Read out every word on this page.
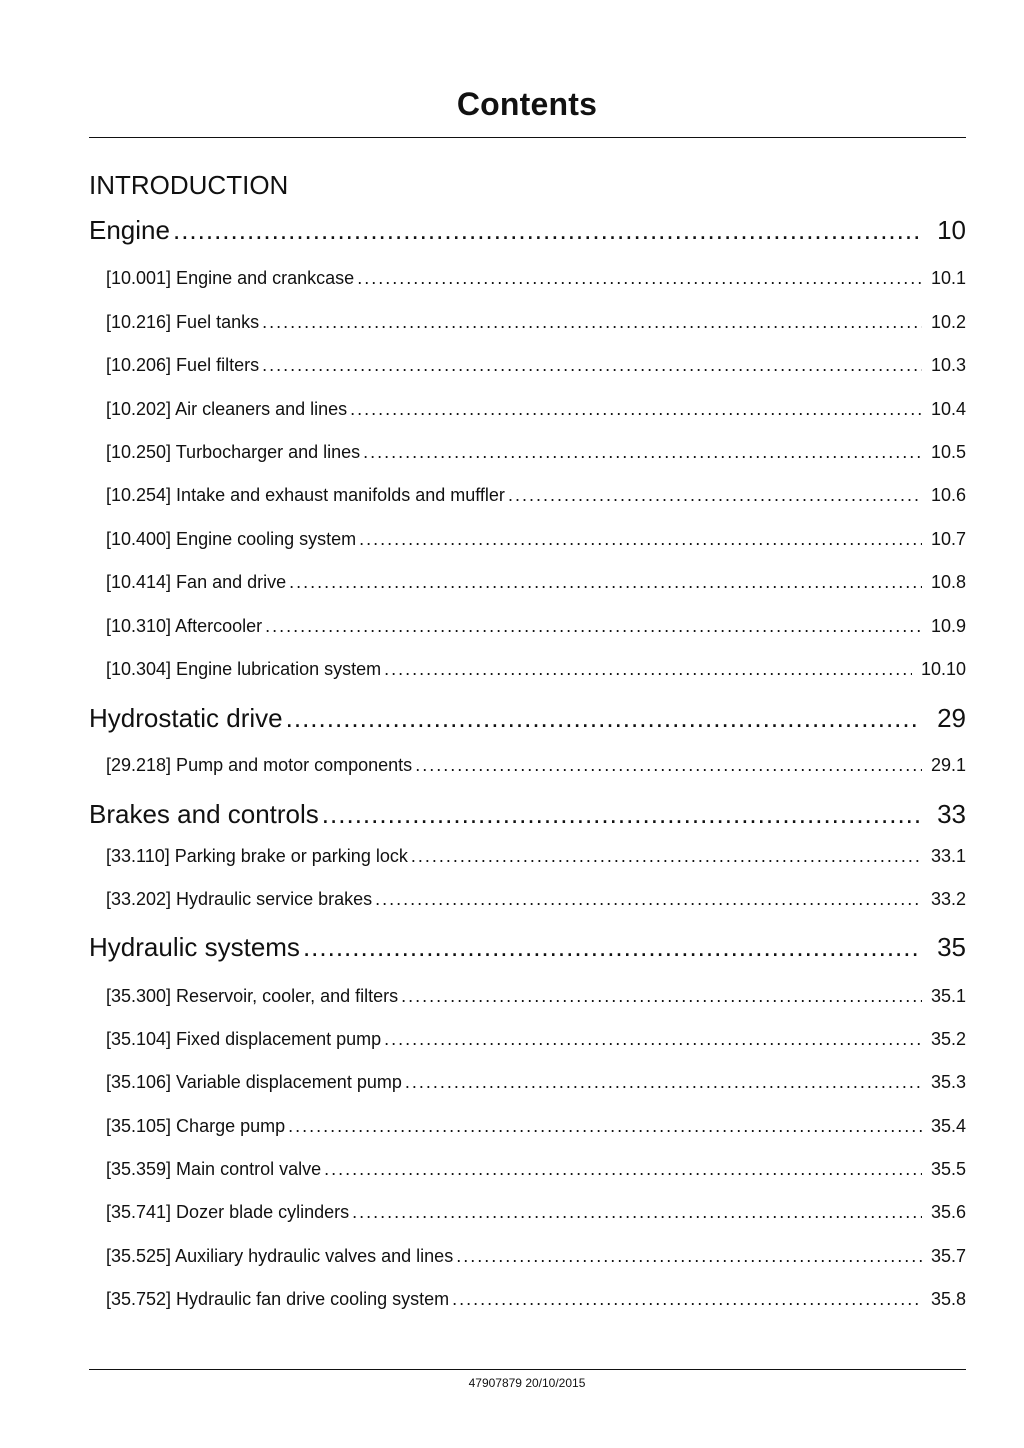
Contents
INTRODUCTION
Engine .....	10
[10.001] Engine and crankcase .....	10.1
[10.216] Fuel tanks .....	10.2
[10.206] Fuel filters .....	10.3
[10.202] Air cleaners and lines .....	10.4
[10.250] Turbocharger and lines .....	10.5
[10.254] Intake and exhaust manifolds and muffler .....	10.6
[10.400] Engine cooling system .....	10.7
[10.414] Fan and drive .....	10.8
[10.310] Aftercooler .....	10.9
[10.304] Engine lubrication system .....	10.10
Hydrostatic drive .....	29
[29.218] Pump and motor components .....	29.1
Brakes and controls .....	33
[33.110] Parking brake or parking lock .....	33.1
[33.202] Hydraulic service brakes .....	33.2
Hydraulic systems .....	35
[35.300] Reservoir, cooler, and filters .....	35.1
[35.104] Fixed displacement pump .....	35.2
[35.106] Variable displacement pump .....	35.3
[35.105] Charge pump .....	35.4
[35.359] Main control valve .....	35.5
[35.741] Dozer blade cylinders .....	35.6
[35.525] Auxiliary hydraulic valves and lines .....	35.7
[35.752] Hydraulic fan drive cooling system .....	35.8
47907879 20/10/2015
